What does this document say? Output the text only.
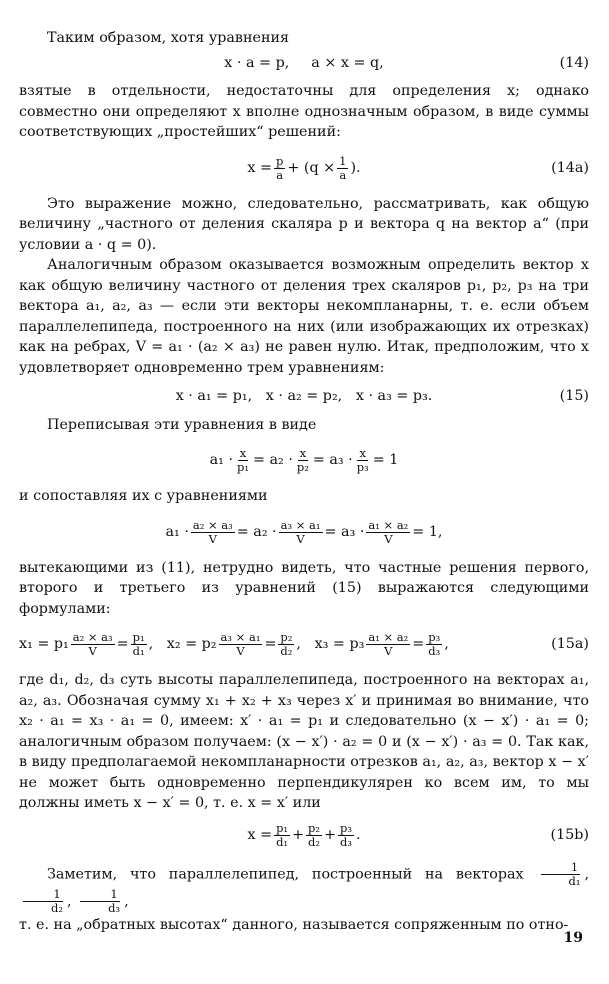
Таким образом, хотя уравнения

x · a = p, a × x = q,	(14)

взятые в отдельности, недостаточны для определения x; однако совместно они определяют x вполне однозначным образом, в виде суммы соответствующих „простейших“ решений:

$x = \frac{p}{a} + (q \times \frac{1}{a}$ ).	(14a)

Это выражение можно, следовательно, рассматривать, как общую величину „частного от деления скаляра p и вектора q на вектор a“ (при условии a · q = 0).

Аналогичным образом оказывается возможным определить вектор x как общую величину частного от деления трех скаляров p₁, p₂, p₃ на три вектора a₁, a₂, a₃ — если эти векторы некомпланарны, т. е. если объем параллелепипеда, построенного на них (или изображающих их отрезках) как на ребрах, V = a₁ · (a₂ × a₃) не равен нулю. Итак, предположим, что x удовлетворяет одновременно трем уравнениям:

x · a₁ = p₁,   x · a₂ = p₂,   x · a₃ = p₃.	(15)

Переписывая эти уравнения в виде

$a_1 \cdot \frac{x}{\text{p₁}} = a_2 \cdot \frac{x}{\text{p₂}} = a_3 \cdot \frac{x}{\text{p₃}} = 1$

и сопоставляя их с уравнениями

$a_1 \cdot \frac{\text{a₂ × a₃}}{V} = a_2 \cdot \frac{\text{a₃ × a₁}}{V} = a_3 \cdot \frac{\text{a₁ × a₂}}{V} = 1$,

вытекающими из (11), нетрудно видеть, что частные решения первого, второго и третьего из уравнений (15) выражаются следующими формулами:

$x_1 = p_1 \frac{\text{a₂ × a₃}}{V} = \frac{\text{p₁}}{\text{d₁}}$ ,   $x_2 = p_2 \frac{\text{a₃ × a₁}}{V} = \frac{\text{p₂}}{\text{d₂}}$ ,   $x_3 = p_3 \frac{\text{a₁ × a₂}}{V} = \frac{\text{p₃}}{\text{d₃}}$ ,	(15a)

где d₁, d₂, d₃ суть высоты параллелепипеда, построенного на векторах a₁, a₂, a₃. Обозначая сумму x₁ + x₂ + x₃ через x′ и принимая во внимание, что x₂ · a₁ = x₃ · a₁ = 0, имеем: x′ · a₁ = p₁ и следовательно (x − x′) · a₁ = 0; аналогичным образом получаем: (x − x′) · a₂ = 0 и (x − x′) · a₃ = 0. Так как, в виду предполагаемой некомпланарности отрезков a₁, a₂, a₃, вектор x − x′ не может быть одновременно перпендикулярен ко всем им, то мы должны иметь x − x′ = 0, т. е. x = x′ или

$x = \frac{\text{p₁}}{\text{d₁}} + \frac{\text{p₂}}{\text{d₂}} + \frac{\text{p₃}}{\text{d₃}}$ .	(15b)

Заметим, что параллелепипед, построенный на векторах $\frac{1}{\text{d₁}}$ ,
$\frac{1}{\text{d₂}}$ , $\frac{1}{\text{d₃}}$ ,

т. е. на „обратных высотах“ данного, называется сопряженным по отно-

19
